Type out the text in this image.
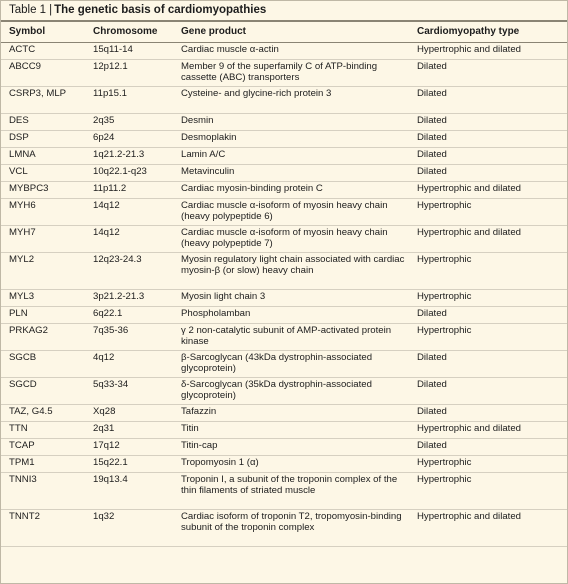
Table 1 | The genetic basis of cardiomyopathies
Symbol	Chromosome	Gene product	Cardiomyopathy type
ACTC	15q11-14	Cardiac muscle α-actin	Hypertrophic and dilated
ABCC9	12p12.1	Member 9 of the superfamily C of ATP-binding cassette (ABC) transporters	Dilated
CSRP3, MLP	11p15.1	Cysteine- and glycine-rich protein 3	Dilated
DES	2q35	Desmin	Dilated
DSP	6p24	Desmoplakin	Dilated
LMNA	1q21.2-21.3	Lamin A/C	Dilated
VCL	10q22.1-q23	Metavinculin	Dilated
MYBPC3	11p11.2	Cardiac myosin-binding protein C	Hypertrophic and dilated
MYH6	14q12	Cardiac muscle α-isoform of myosin heavy chain (heavy polypeptide 6)	Hypertrophic
MYH7	14q12	Cardiac muscle α-isoform of myosin heavy chain (heavy polypeptide 7)	Hypertrophic and dilated
MYL2	12q23-24.3	Myosin regulatory light chain associated with cardiac myosin-β (or slow) heavy chain	Hypertrophic
MYL3	3p21.2-21.3	Myosin light chain 3	Hypertrophic
PLN	6q22.1	Phospholamban	Dilated
PRKAG2	7q35-36	γ 2 non-catalytic subunit of AMP-activated protein kinase	Hypertrophic
SGCB	4q12	β-Sarcoglycan (43kDa dystrophin-associated glycoprotein)	Dilated
SGCD	5q33-34	δ-Sarcoglycan (35kDa dystrophin-associated glycoprotein)	Dilated
TAZ, G4.5	Xq28	Tafazzin	Dilated
TTN	2q31	Titin	Hypertrophic and dilated
TCAP	17q12	Titin-cap	Dilated
TPM1	15q22.1	Tropomyosin 1 (α)	Hypertrophic
TNNI3	19q13.4	Troponin I, a subunit of the troponin complex of the thin filaments of striated muscle	Hypertrophic
TNNT2	1q32	Cardiac isoform of troponin T2, tropomyosin-binding subunit of the troponin complex	Hypertrophic and dilated
